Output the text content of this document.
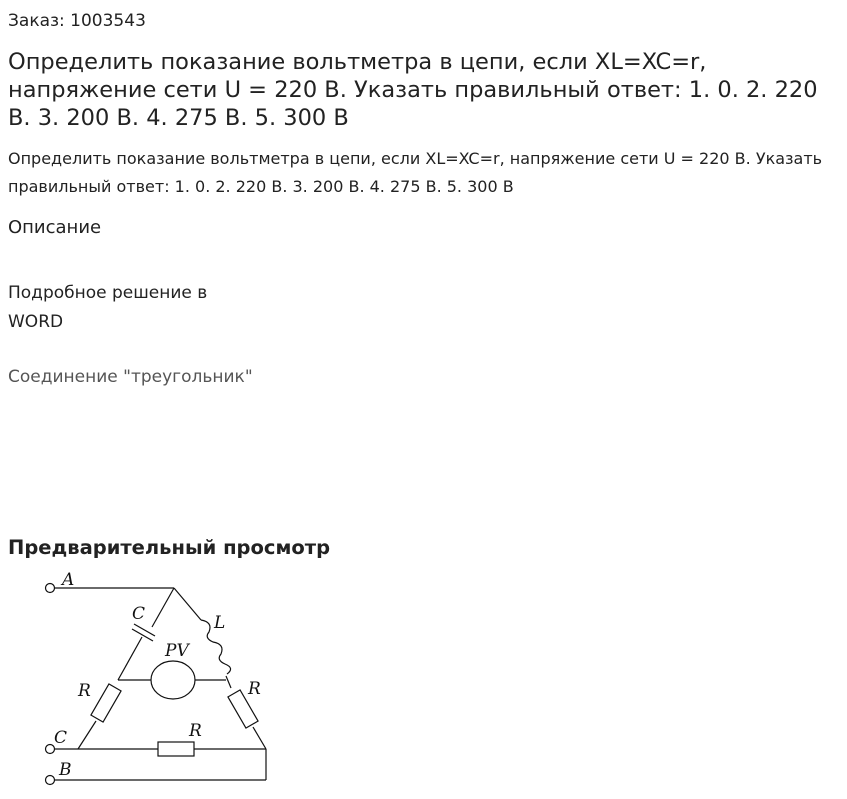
Заказ: 1003543
Определить показание вольтметра в цепи, если XL=XC=r, напряжение сети U = 220 В. Указать правильный ответ: 1. 0. 2. 220 В. 3. 200 В. 4. 275 В. 5. 300 В
Определить показание вольтметра в цепи, если XL=XC=r, напряжение сети U = 220 В. Указать правильный ответ: 1. 0. 2. 220 В. 3. 200 В. 4. 275 В. 5. 300 В
Описание
Подробное решение в WORD
Соединение "треугольник"
Предварительный просмотр
A
C	L
PV
R	R
R
C
B
